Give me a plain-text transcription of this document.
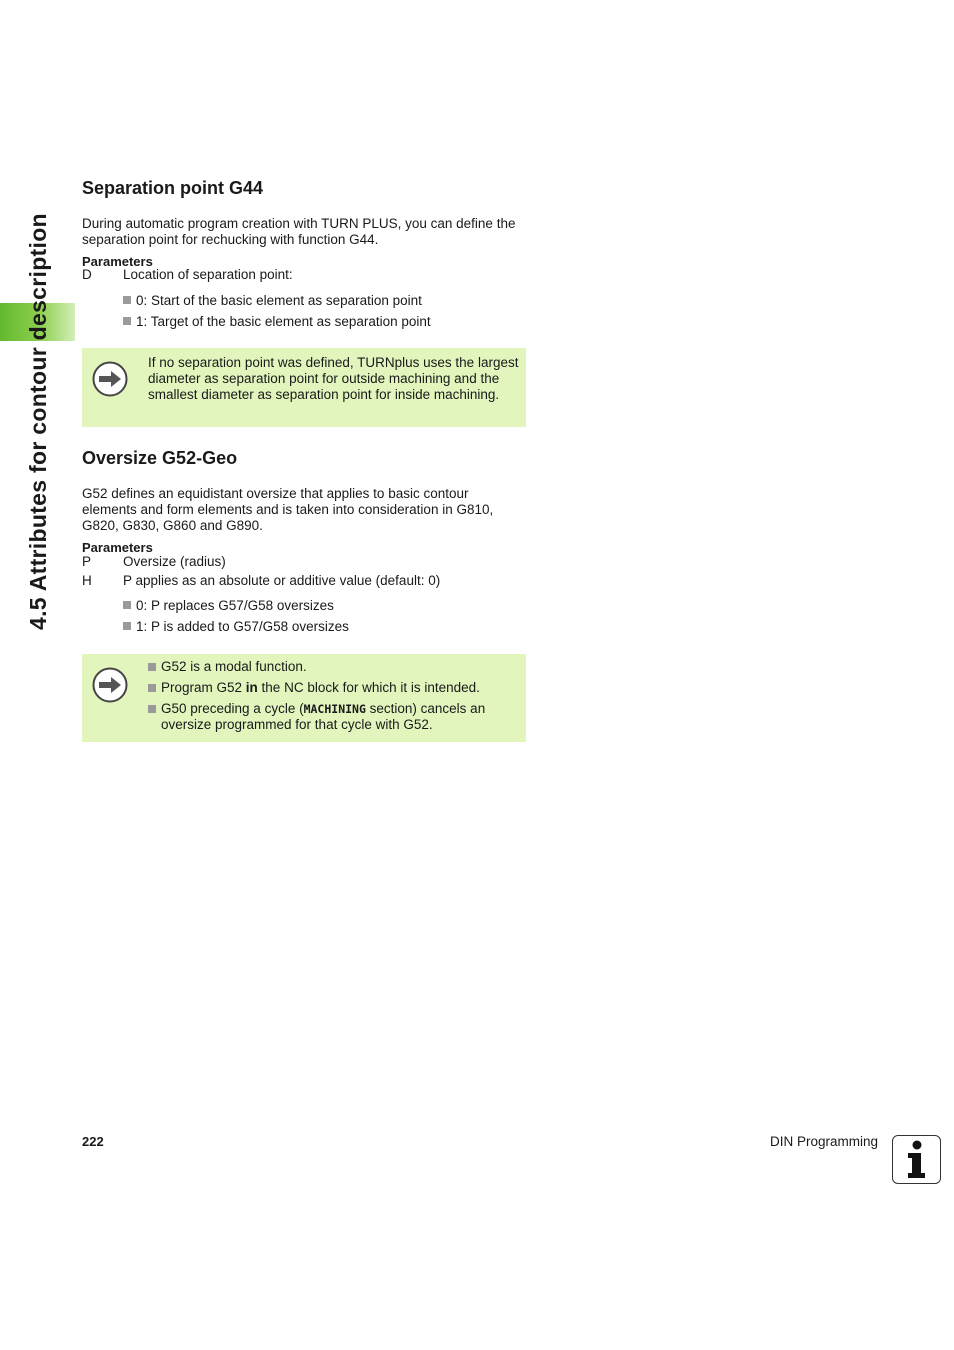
4.5 Attributes for contour description
Separation point G44

During automatic program creation with TURN PLUS, you can define the separation point for rechucking with function G44.

Parameters

D Location of separation point:
0: Start of the basic element as separation point
1: Target of the basic element as separation point
If no separation point was defined, TURNplus uses the largest diameter as separation point for outside machining and the smallest diameter as separation point for inside machining.
Oversize G52-Geo

G52 defines an equidistant oversize that applies to basic contour elements and form elements and is taken into consideration in G810, G820, G830, G860 and G890.

Parameters

P Oversize (radius)
H P applies as an absolute or additive value (default: 0)
0: P replaces G57/G58 oversizes
1: P is added to G57/G58 oversizes
G52 is a modal function.
Program G52 in the NC block for which it is intended.
G50 preceding a cycle (MACHINING section) cancels an oversize programmed for that cycle with G52.
222	DIN Programming
